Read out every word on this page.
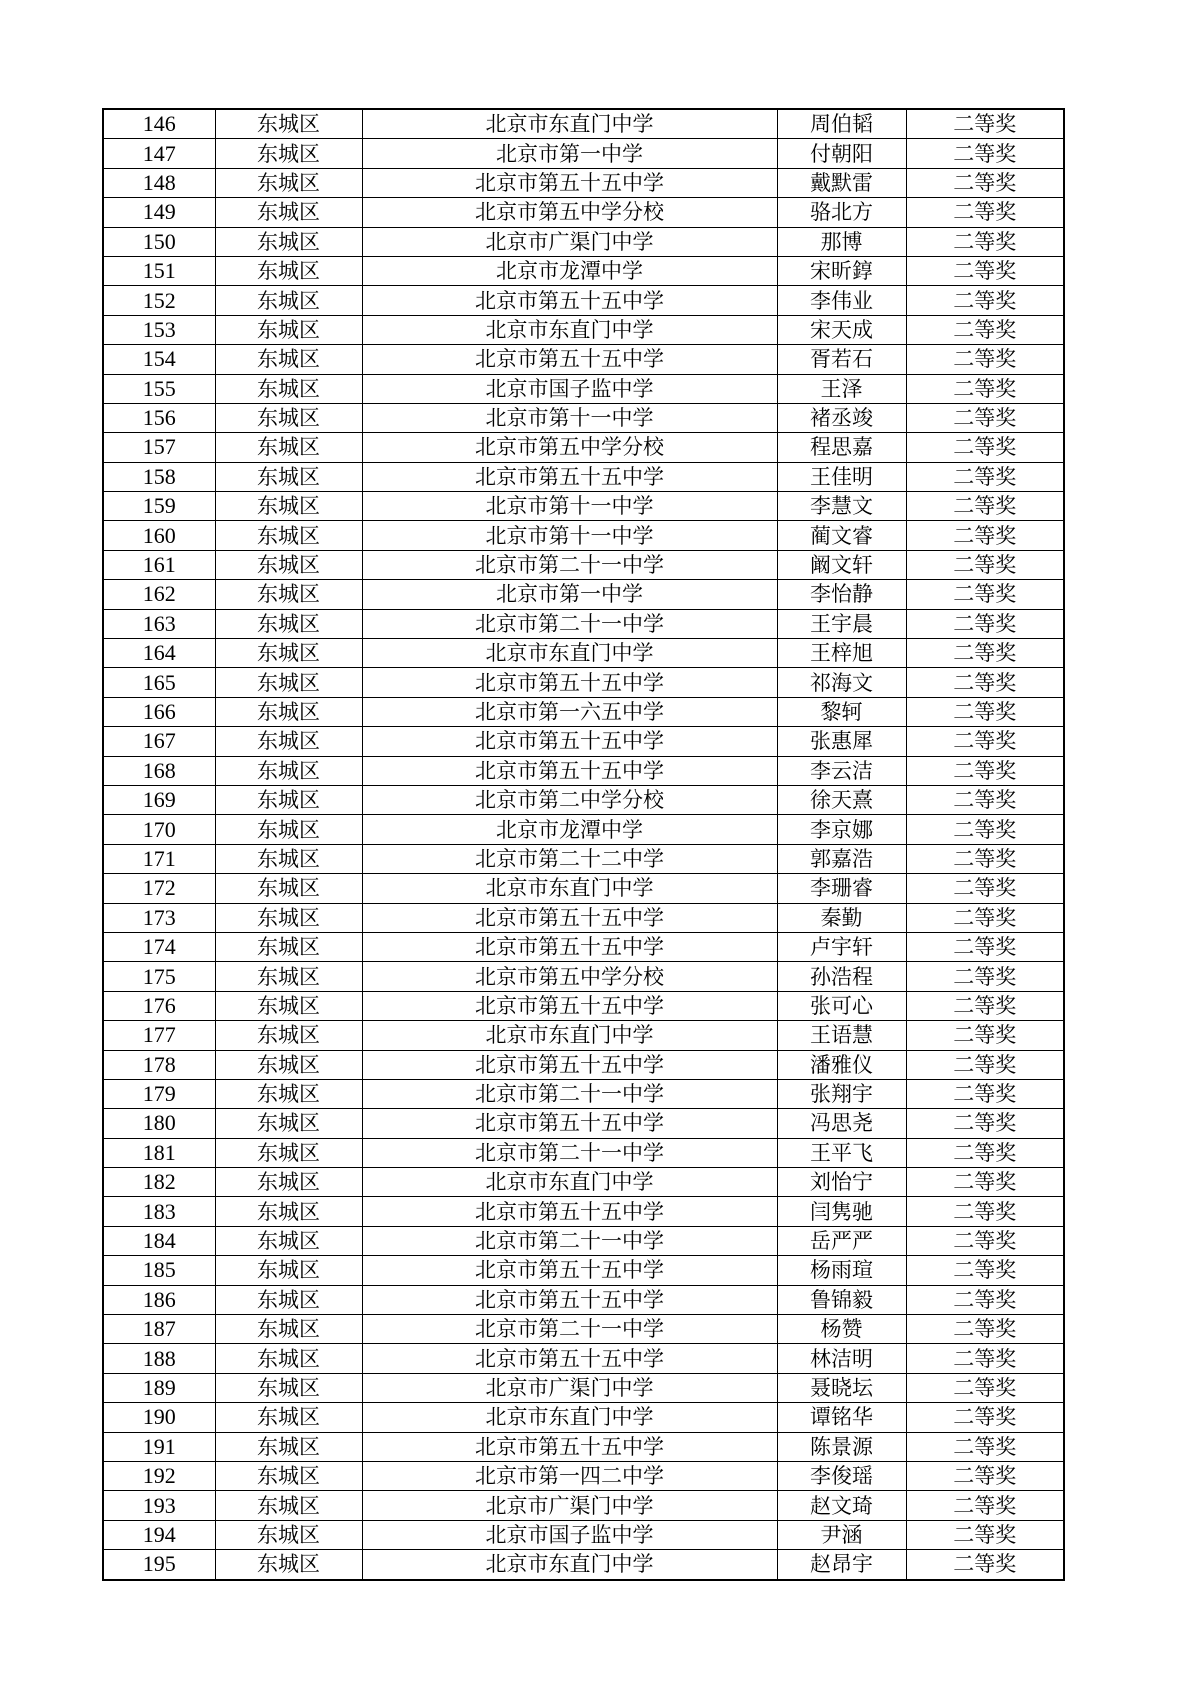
146	东城区	北京市东直门中学	周伯韬	二等奖
147	东城区	北京市第一中学	付朝阳	二等奖
148	东城区	北京市第五十五中学	戴默雷	二等奖
149	东城区	北京市第五中学分校	骆北方	二等奖
150	东城区	北京市广渠门中学	那博	二等奖
151	东城区	北京市龙潭中学	宋昕錞	二等奖
152	东城区	北京市第五十五中学	李伟业	二等奖
153	东城区	北京市东直门中学	宋天成	二等奖
154	东城区	北京市第五十五中学	胥若石	二等奖
155	东城区	北京市国子监中学	王泽	二等奖
156	东城区	北京市第十一中学	褚丞竣	二等奖
157	东城区	北京市第五中学分校	程思嘉	二等奖
158	东城区	北京市第五十五中学	王佳明	二等奖
159	东城区	北京市第十一中学	李慧文	二等奖
160	东城区	北京市第十一中学	蔺文睿	二等奖
161	东城区	北京市第二十一中学	阚文轩	二等奖
162	东城区	北京市第一中学	李怡静	二等奖
163	东城区	北京市第二十一中学	王宇晨	二等奖
164	东城区	北京市东直门中学	王梓旭	二等奖
165	东城区	北京市第五十五中学	祁海文	二等奖
166	东城区	北京市第一六五中学	黎轲	二等奖
167	东城区	北京市第五十五中学	张惠犀	二等奖
168	东城区	北京市第五十五中学	李云洁	二等奖
169	东城区	北京市第二中学分校	徐天熹	二等奖
170	东城区	北京市龙潭中学	李京娜	二等奖
171	东城区	北京市第二十二中学	郭嘉浩	二等奖
172	东城区	北京市东直门中学	李珊睿	二等奖
173	东城区	北京市第五十五中学	秦勤	二等奖
174	东城区	北京市第五十五中学	卢宇轩	二等奖
175	东城区	北京市第五中学分校	孙浩程	二等奖
176	东城区	北京市第五十五中学	张可心	二等奖
177	东城区	北京市东直门中学	王语慧	二等奖
178	东城区	北京市第五十五中学	潘雅仪	二等奖
179	东城区	北京市第二十一中学	张翔宇	二等奖
180	东城区	北京市第五十五中学	冯思尧	二等奖
181	东城区	北京市第二十一中学	王平飞	二等奖
182	东城区	北京市东直门中学	刘怡宁	二等奖
183	东城区	北京市第五十五中学	闫隽驰	二等奖
184	东城区	北京市第二十一中学	岳严严	二等奖
185	东城区	北京市第五十五中学	杨雨瑄	二等奖
186	东城区	北京市第五十五中学	鲁锦毅	二等奖
187	东城区	北京市第二十一中学	杨赞	二等奖
188	东城区	北京市第五十五中学	林洁明	二等奖
189	东城区	北京市广渠门中学	聂晓坛	二等奖
190	东城区	北京市东直门中学	谭铭华	二等奖
191	东城区	北京市第五十五中学	陈景源	二等奖
192	东城区	北京市第一四二中学	李俊瑶	二等奖
193	东城区	北京市广渠门中学	赵文琦	二等奖
194	东城区	北京市国子监中学	尹涵	二等奖
195	东城区	北京市东直门中学	赵昂宇	二等奖
